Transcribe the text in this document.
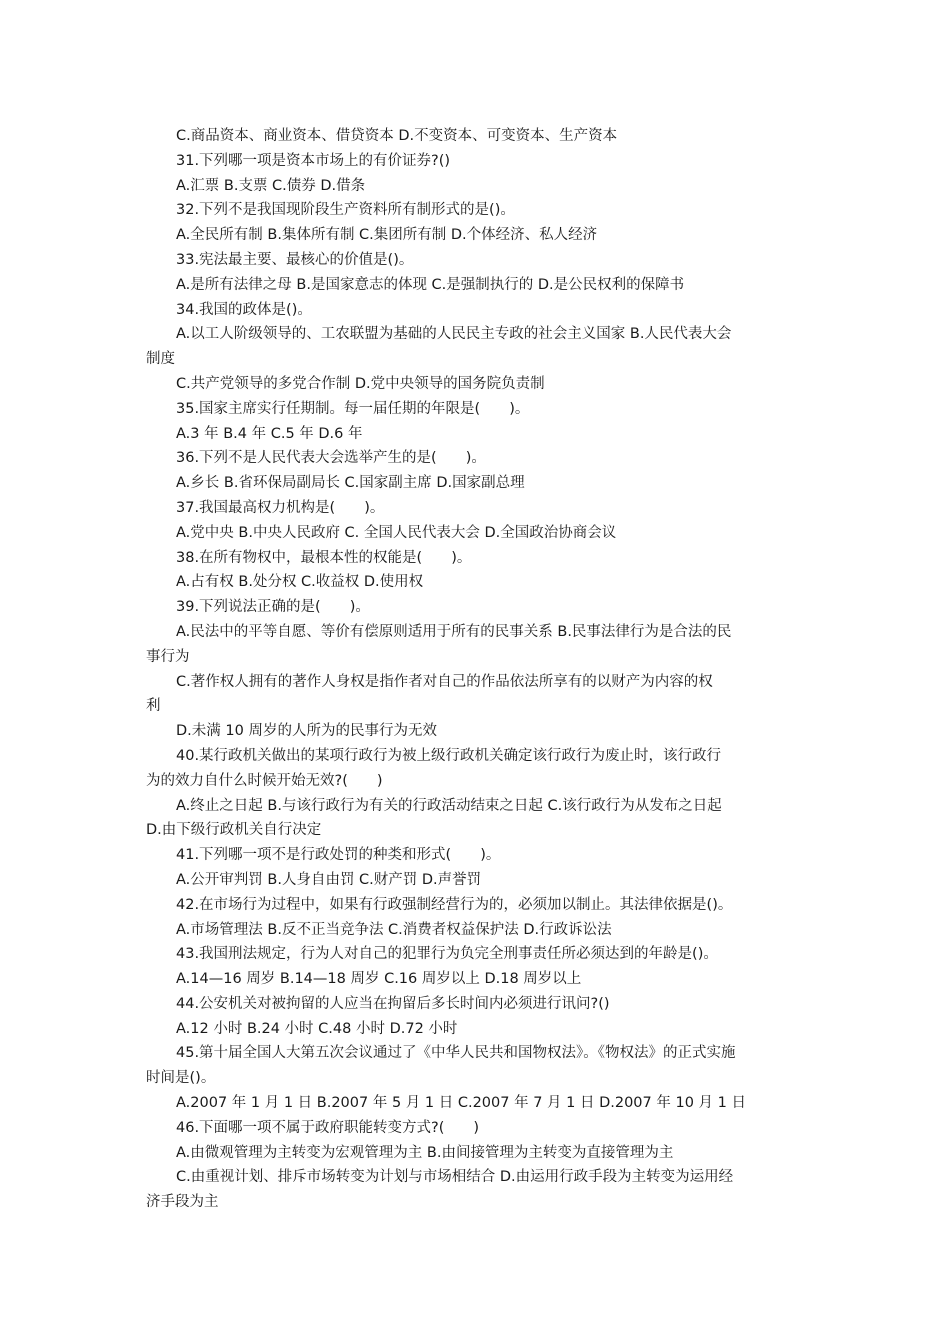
C.商品资本、商业资本、借贷资本 D.不变资本、可变资本、生产资本
31.下列哪一项是资本市场上的有价证券?()
A.汇票 B.支票 C.债券 D.借条
32.下列不是我国现阶段生产资料所有制形式的是()。
A.全民所有制 B.集体所有制 C.集团所有制 D.个体经济、私人经济
33.宪法最主要、最核心的价值是()。
A.是所有法律之母 B.是国家意志的体现 C.是强制执行的 D.是公民权利的保障书
34.我国的政体是()。
A.以工人阶级领导的、工农联盟为基础的人民民主专政的社会主义国家 B.人民代表大会
制度
C.共产党领导的多党合作制 D.党中央领导的国务院负责制
35.国家主席实行任期制。每一届任期的年限是(　　)。
A.3 年 B.4 年 C.5 年 D.6 年
36.下列不是人民代表大会选举产生的是(　　)。
A.乡长 B.省环保局副局长 C.国家副主席 D.国家副总理
37.我国最高权力机构是(　　)。
A.党中央 B.中央人民政府 C. 全国人民代表大会 D.全国政治协商会议
38.在所有物权中，最根本性的权能是(　　)。
A.占有权 B.处分权 C.收益权 D.使用权
39.下列说法正确的是(　　)。
A.民法中的平等自愿、等价有偿原则适用于所有的民事关系 B.民事法律行为是合法的民
事行为
C.著作权人拥有的著作人身权是指作者对自己的作品依法所享有的以财产为内容的权
利
D.未满 10 周岁的人所为的民事行为无效
40.某行政机关做出的某项行政行为被上级行政机关确定该行政行为废止时，该行政行
为的效力自什么时候开始无效?(　　)
A.终止之日起 B.与该行政行为有关的行政活动结束之日起 C.该行政行为从发布之日起
D.由下级行政机关自行决定
41.下列哪一项不是行政处罚的种类和形式(　　)。
A.公开审判罚 B.人身自由罚 C.财产罚 D.声誉罚
42.在市场行为过程中，如果有行政强制经营行为的，必须加以制止。其法律依据是()。
A.市场管理法 B.反不正当竞争法 C.消费者权益保护法 D.行政诉讼法
43.我国刑法规定，行为人对自己的犯罪行为负完全刑事责任所必须达到的年龄是()。
A.14—16 周岁 B.14—18 周岁 C.16 周岁以上 D.18 周岁以上
44.公安机关对被拘留的人应当在拘留后多长时间内必须进行讯问?()
A.12 小时 B.24 小时 C.48 小时 D.72 小时
45.第十届全国人大第五次会议通过了《中华人民共和国物权法》。《物权法》的正式实施
时间是()。
A.2007 年 1 月 1 日 B.2007 年 5 月 1 日 C.2007 年 7 月 1 日 D.2007 年 10 月 1 日
46.下面哪一项不属于政府职能转变方式?(　　)
A.由微观管理为主转变为宏观管理为主 B.由间接管理为主转变为直接管理为主
C.由重视计划、排斥市场转变为计划与市场相结合 D.由运用行政手段为主转变为运用经
济手段为主
